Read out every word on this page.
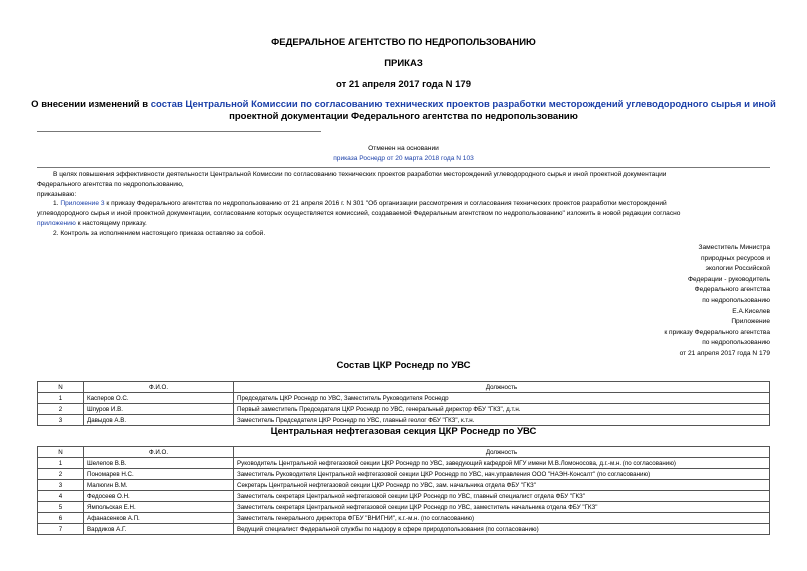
ФЕДЕРАЛЬНОЕ АГЕНТСТВО ПО НЕДРОПОЛЬЗОВАНИЮ
ПРИКАЗ
от 21 апреля 2017 года N 179
О внесении изменений в состав Центральной Комиссии по согласованию технических проектов разработки месторождений углеводородного сырья и иной
проектной документации Федерального агентства по недропользованию
Отменен на основании
приказа Роснедр от 20 марта 2018 года N 103
В целях повышения эффективности деятельности Центральной Комиссии по согласованию технических проектов разработки месторождений углеводородного сырья и иной проектной документации
Федерального агентства по недропользованию,
приказываю:
1. Приложение 3 к приказу Федерального агентства по недропользованию от 21 апреля 2016 г. N 301 "Об организации рассмотрения и согласования технических проектов разработки месторождений
углеводородного сырья и иной проектной документации, согласование которых осуществляется комиссией, создаваемой Федеральным агентством по недропользованию" изложить в новой редакции согласно
приложению к настоящему приказу.
2. Контроль за исполнением настоящего приказа оставляю за собой.
Заместитель Министра
природных ресурсов и
экологии Российской
Федерации - руководитель
Федерального агентства
по недропользованию
Е.А.Киселев
Приложение
к приказу Федерального агентства
по недропользованию
от 21 апреля 2017 года N 179
Состав ЦКР Роснедр по УВС
N	Ф.И.О.	Должность
1	Касперов О.С.	Председатель ЦКР Роснедр по УВС, Заместитель Руководителя Роснедр
2	Шпуров И.В.	Первый заместитель Председателя ЦКР Роснедр по УВС, генеральный директор ФБУ "ГКЗ", д.т.н.
3	Давыдов А.В.	Заместитель Председателя ЦКР Роснедр по УВС, главный геолог ФБУ "ГКЗ", к.т.н.
Центральная нефтегазовая секция ЦКР Роснедр по УВС
N	Ф.И.О.	Должность
1	Шелепов В.В.	Руководитель Центральной нефтегазовой секции ЦКР Роснедр по УВС, заведующий кафедрой МГУ имени М.В.Ломоносова, д.г.-м.н. (по согласованию)
2	Пономарев Н.С.	Заместитель Руководителя Центральной нефтегазовой секции ЦКР Роснедр по УВС, нач.управления ООО "НАЭН-Консалт" (по согласованию)
3	Малюгин В.М.	Секретарь Центральной нефтегазовой секции ЦКР Роснедр по УВС, зам. начальника отдела ФБУ "ГКЗ"
4	Федосеев О.Н.	Заместитель секретаря Центральной нефтегазовой секции ЦКР Роснедр по УВС, главный специалист отдела ФБУ "ГКЗ"
5	Ямпольская Е.Н.	Заместитель секретаря Центральной нефтегазовой секции ЦКР Роснедр по УВС, заместитель начальника отдела ФБУ "ГКЗ"
6	Афанасенков А.П.	Заместитель генерального директора ФГБУ "ВНИГНИ", к.г.-м.н. (по согласованию)
7	Вардиков А.Г.	Ведущий специалист Федеральной службы по надзору в сфере природопользования (по согласованию)
